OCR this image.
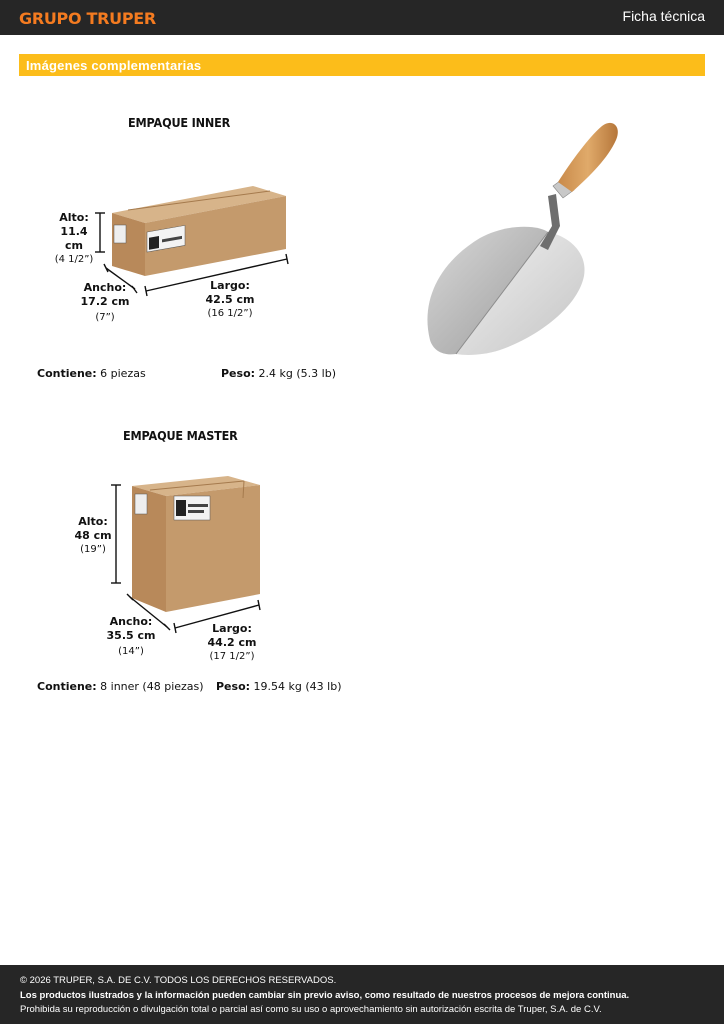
GRUPO TRUPER	Ficha técnica
Imágenes complementarias
EMPAQUE INNER
Alto:
11.4 cm
(4 1/2”)
Ancho:
17.2 cm
(7”)
Largo:
42.5 cm
(16 1/2”)
Contiene: 6 piezas	Peso: 2.4 kg (5.3 lb)
EMPAQUE MASTER
Alto:
48 cm
(19”)
Ancho:
35.5 cm
(14”)
Largo:
44.2 cm
(17 1/2”)
Contiene: 8 inner (48 piezas) Peso: 19.54 kg (43 lb)
© 2026 TRUPER, S.A. DE C.V. TODOS LOS DERECHOS RESERVADOS.
Los productos ilustrados y la información pueden cambiar sin previo aviso, como resultado de nuestros procesos de mejora continua.
Prohibida su reproducción o divulgación total o parcial así como su uso o aprovechamiento sin autorización escrita de Truper, S.A. de C.V.
